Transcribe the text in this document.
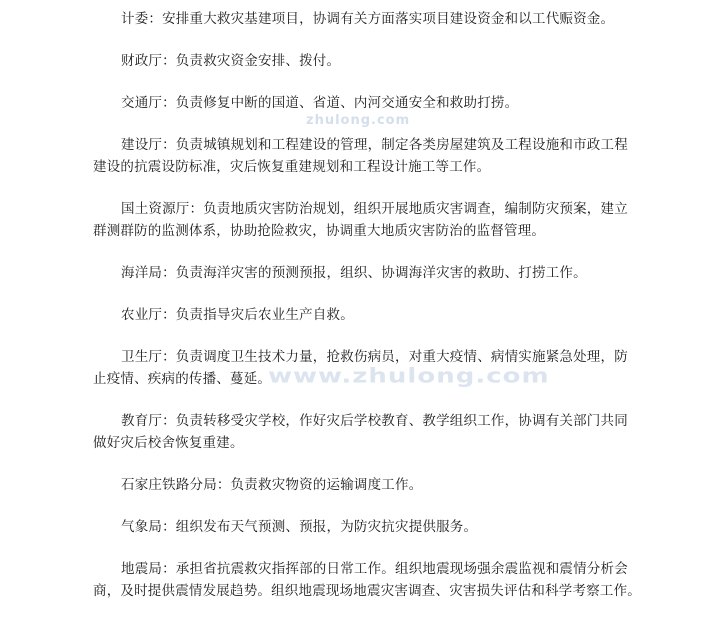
计委：安排重大救灾基建项目，协调有关方面落实项目建设资金和以工代赈资金。

财政厅：负责救灾资金安排、拨付。

交通厅：负责修复中断的国道、省道、内河交通安全和救助打捞。

建设厅：负责城镇规划和工程建设的管理，制定各类房屋建筑及工程设施和市政工程建设的抗震设防标准，灾后恢复重建规划和工程设计施工等工作。

国土资源厅：负责地质灾害防治规划，组织开展地质灾害调查，编制防灾预案，建立群测群防的监测体系，协助抢险救灾，协调重大地质灾害防治的监督管理。

海洋局：负责海洋灾害的预测预报，组织、协调海洋灾害的救助、打捞工作。

农业厅：负责指导灾后农业生产自救。

卫生厅：负责调度卫生技术力量，抢救伤病员，对重大疫情、病情实施紧急处理，防止疫情、疾病的传播、蔓延。

教育厅：负责转移受灾学校，作好灾后学校教育、教学组织工作，协调有关部门共同做好灾后校舍恢复重建。

石家庄铁路分局：负责救灾物资的运输调度工作。

气象局：组织发布天气预测、预报，为防灾抗灾提供服务。

地震局：承担省抗震救灾指挥部的日常工作。组织地震现场强余震监视和震情分析会商，及时提供震情发展趋势。组织地震现场地震灾害调查、灾害损失评估和科学考察工作。

zhulong.com
www.zhulong.com
